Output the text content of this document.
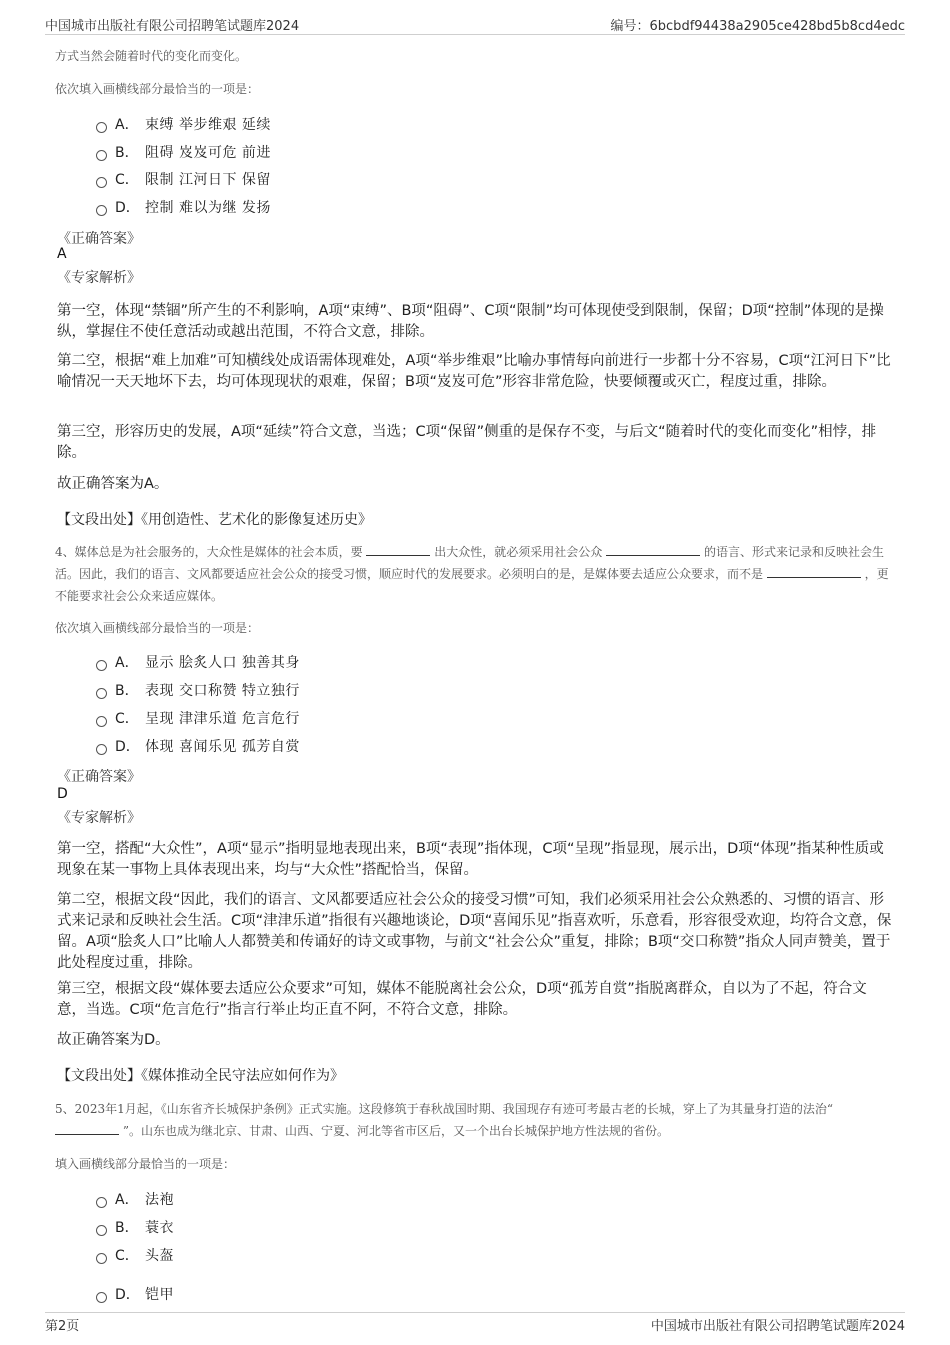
中国城市出版社有限公司招聘笔试题库2024	编号：6bcbdf94438a2905ce428bd5b8cd4edc
方式当然会随着时代的变化而变化。
依次填入画横线部分最恰当的一项是：
A． 束缚 举步维艰 延续
B． 阻碍 岌岌可危 前进
C． 限制 江河日下 保留
D． 控制 难以为继 发扬
《正确答案》
A
《专家解析》
第一空，体现“禁锢”所产生的不利影响，A项“束缚”、B项“阻碍”、C项“限制”均可体现使受到限制，保留；D项“控制”体现的是操纵，掌握住不使任意活动或越出范围，不符合文意，排除。
第二空，根据“难上加难”可知横线处成语需体现难处，A项“举步维艰”比喻办事情每向前进行一步都十分不容易，C项“江河日下”比喻情况一天天地坏下去，均可体现现状的艰难，保留；B项“岌岌可危”形容非常危险，快要倾覆或灭亡，程度过重，排除。
第三空，形容历史的发展，A项“延续”符合文意，当选；C项“保留”侧重的是保存不变，与后文“随着时代的变化而变化”相悖，排除。
故正确答案为A。
【文段出处】《用创造性、艺术化的影像复述历史》
4、媒体总是为社会服务的，大众性是媒体的社会本质，要	出大众性，就必须采用社会公众	的语言、形式来记录和反映社会生活。因此，我们的语言、文风都要适应社会公众的接受习惯，顺应时代的发展要求。必须明白的是，是媒体要去适应公众要求，而不是	，更不能要求社会公众来适应媒体。
依次填入画横线部分最恰当的一项是：
A． 显示 脍炙人口 独善其身
B． 表现 交口称赞 特立独行
C． 呈现 津津乐道 危言危行
D． 体现 喜闻乐见 孤芳自赏
《正确答案》
D
《专家解析》
第一空，搭配“大众性”，A项“显示”指明显地表现出来，B项“表现”指体现，C项“呈现”指显现，展示出，D项“体现”指某种性质或现象在某一事物上具体表现出来，均与“大众性”搭配恰当，保留。
第二空，根据文段“因此，我们的语言、文风都要适应社会公众的接受习惯”可知，我们必须采用社会公众熟悉的、习惯的语言、形式来记录和反映社会生活。C项“津津乐道”指很有兴趣地谈论，D项“喜闻乐见”指喜欢听，乐意看，形容很受欢迎，均符合文意，保留。A项“脍炙人口”比喻人人都赞美和传诵好的诗文或事物，与前文“社会公众”重复，排除；B项“交口称赞”指众人同声赞美，置于此处程度过重，排除。
第三空，根据文段“媒体要去适应公众要求”可知，媒体不能脱离社会公众，D项“孤芳自赏”指脱离群众，自以为了不起，符合文意，当选。C项“危言危行”指言行举止均正直不阿，不符合文意，排除。
故正确答案为D。
【文段出处】《媒体推动全民守法应如何作为》
5、2023年1月起，《山东省齐长城保护条例》正式实施。这段修筑于春秋战国时期、我国现存有迹可考最古老的长城，穿上了为其量身打造的法治“  ”。山东也成为继北京、甘肃、山西、宁夏、河北等省市区后，又一个出台长城保护地方性法规的省份。
填入画横线部分最恰当的一项是：
A． 法袍
B． 蓑衣
C． 头盔
D． 铠甲
第2页	中国城市出版社有限公司招聘笔试题库2024
